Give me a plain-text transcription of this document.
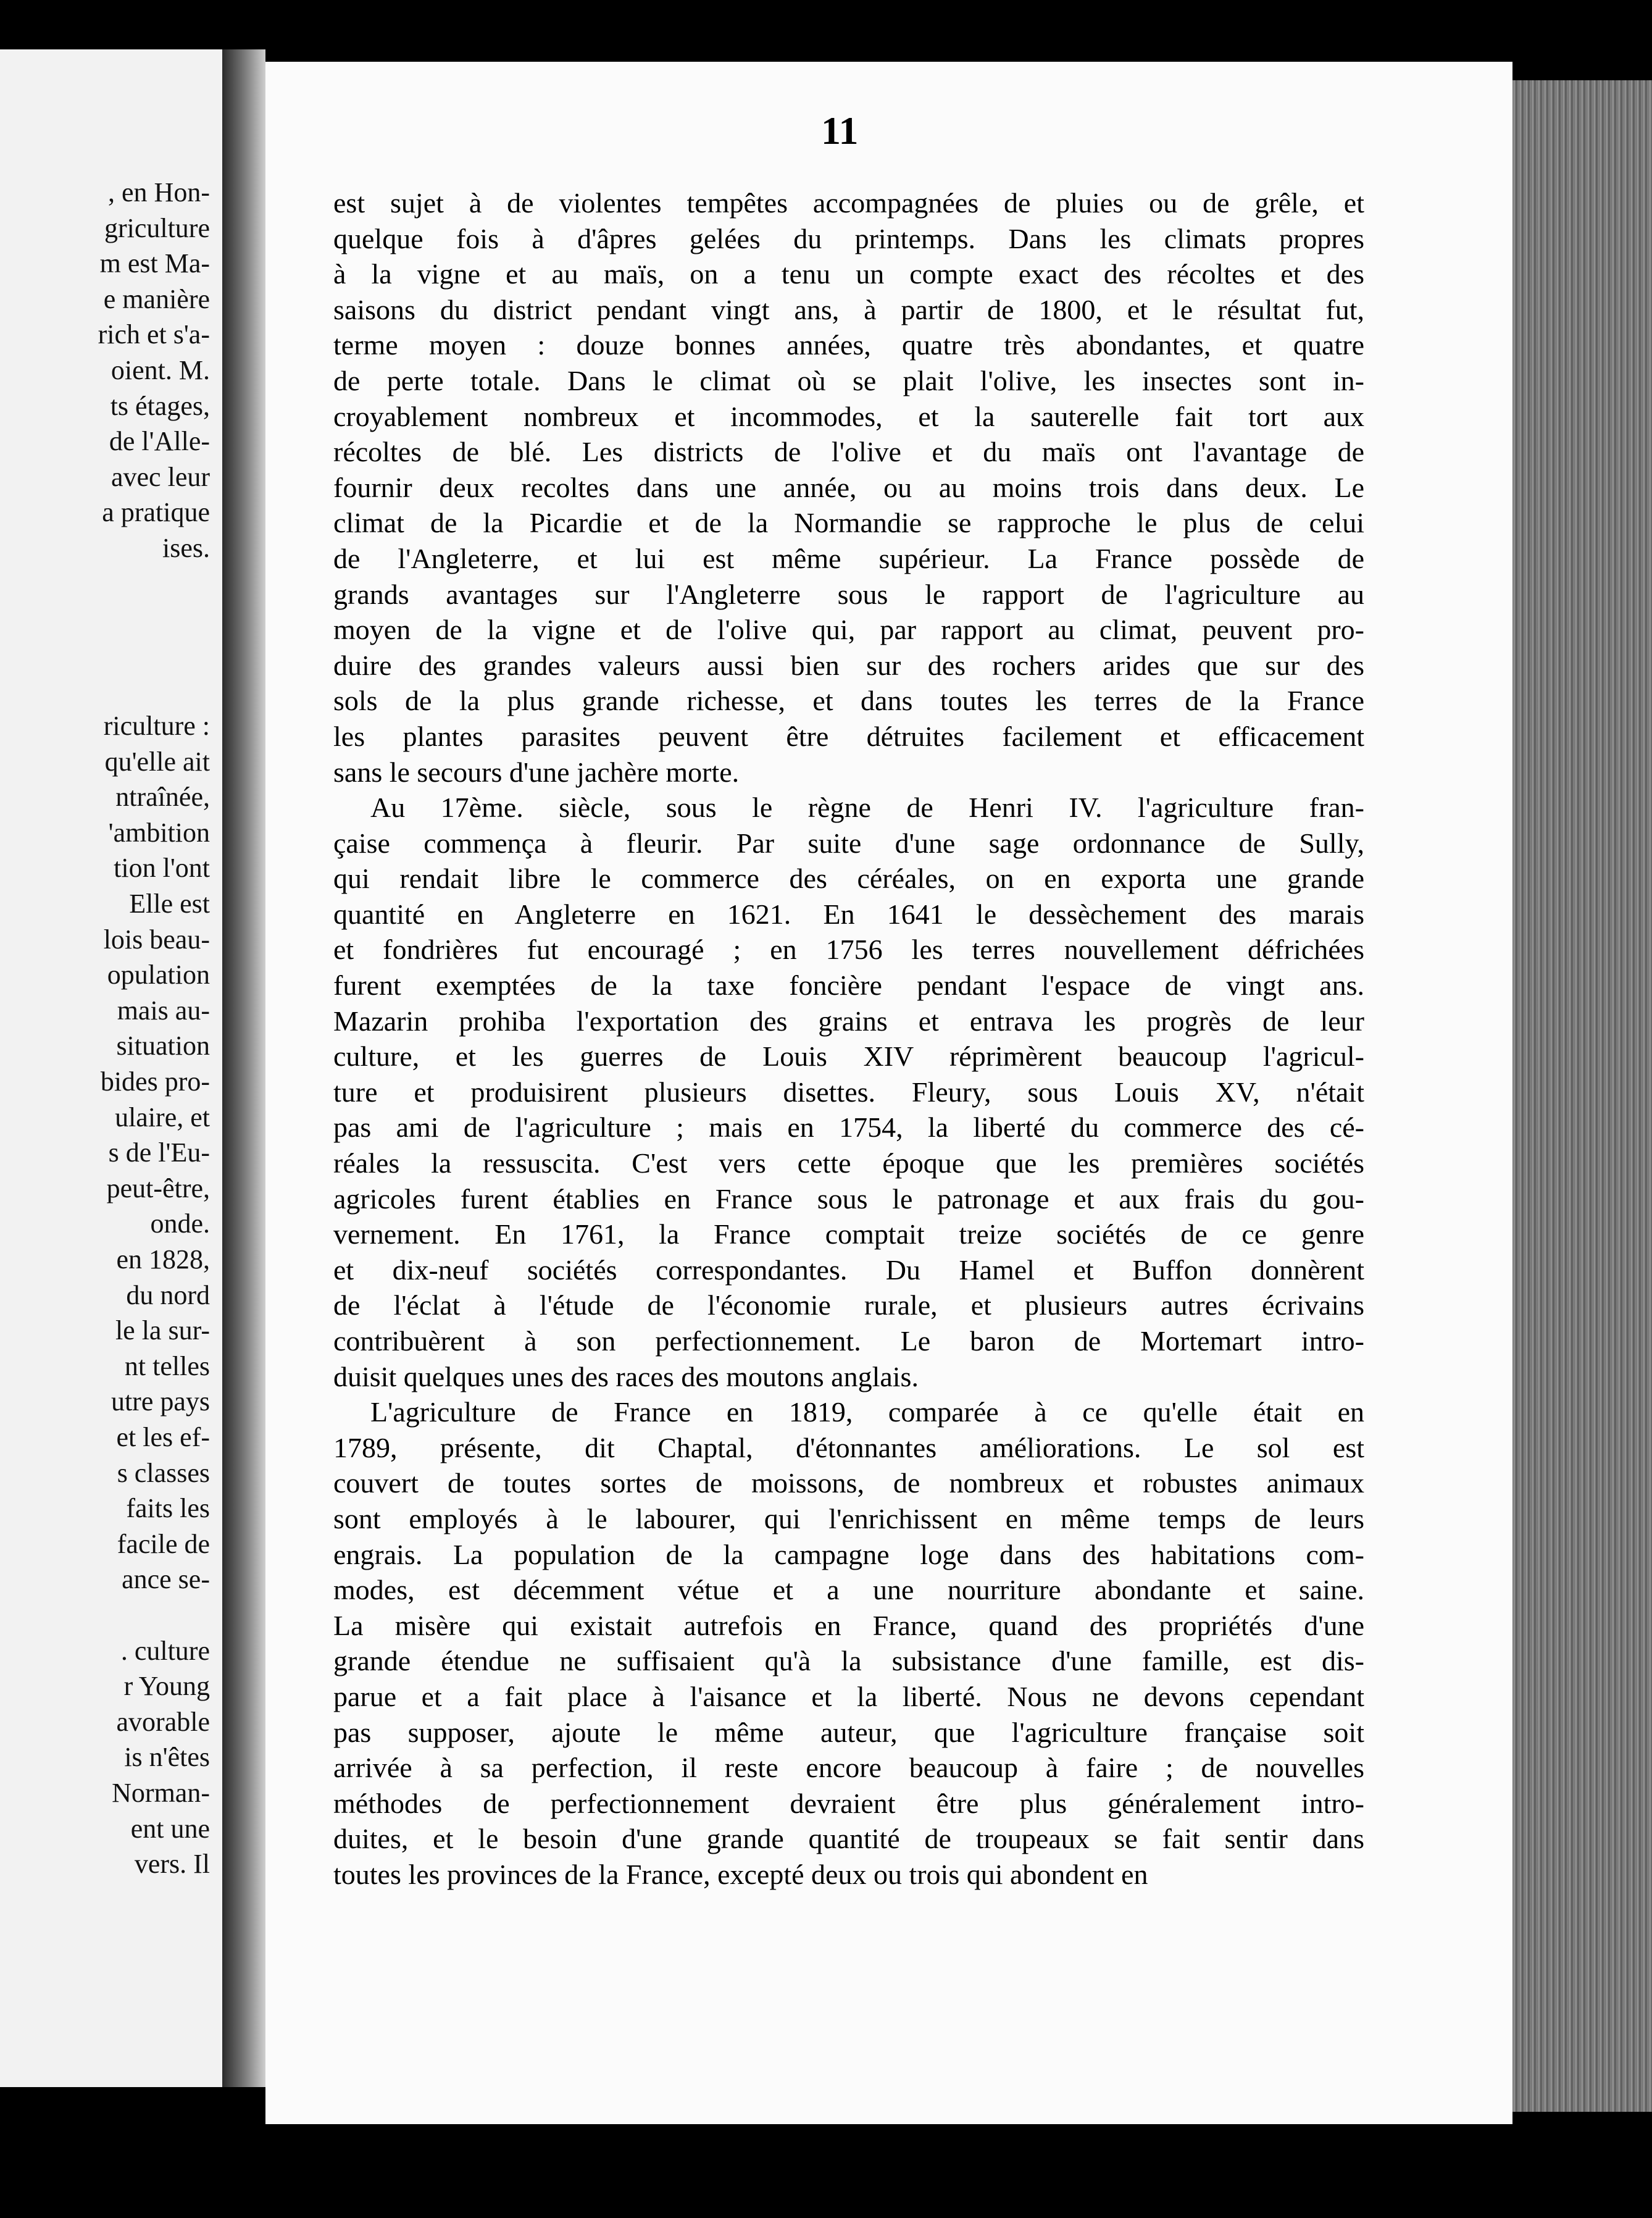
, en Hon-
griculture
m est Ma-
e manière
rich et s'a-
oient. M.
ts étages,
de l'Alle-
avec leur
a pratique
ises.
riculture :
qu'elle ait
ntraînée,
'ambition
tion l'ont
Elle est
lois beau-
opulation
mais au-
situation
bides pro-
ulaire, et
s de l'Eu-
peut-être,
onde.
en 1828,
du nord
le la sur-
nt telles
utre pays
et les ef-
s classes
faits les
facile de
ance se-
. culture
r Young
avorable
is n'êtes
Norman-
ent une
vers. Il
11
est sujet à de violentes tempêtes accompagnées de pluies ou de grêle, et
quelque fois à d'âpres gelées du printemps. Dans les climats propres
à la vigne et au maïs, on a tenu un compte exact des récoltes et des
saisons du district pendant vingt ans, à partir de 1800, et le résultat fut,
terme moyen : douze bonnes années, quatre très abondantes, et quatre
de perte totale. Dans le climat où se plait l'olive, les insectes sont in-
croyablement nombreux et incommodes, et la sauterelle fait tort aux
récoltes de blé. Les districts de l'olive et du maïs ont l'avantage de
fournir deux recoltes dans une année, ou au moins trois dans deux. Le
climat de la Picardie et de la Normandie se rapproche le plus de celui
de l'Angleterre, et lui est même supérieur. La France possède de
grands avantages sur l'Angleterre sous le rapport de l'agriculture au
moyen de la vigne et de l'olive qui, par rapport au climat, peuvent pro-
duire des grandes valeurs aussi bien sur des rochers arides que sur des
sols de la plus grande richesse, et dans toutes les terres de la France
les plantes parasites peuvent être détruites facilement et efficacement
sans le secours d'une jachère morte.
Au 17ème. siècle, sous le règne de Henri IV. l'agriculture fran-
çaise commença à fleurir. Par suite d'une sage ordonnance de Sully,
qui rendait libre le commerce des céréales, on en exporta une grande
quantité en Angleterre en 1621. En 1641 le dessèchement des marais
et fondrières fut encouragé ; en 1756 les terres nouvellement défrichées
furent exemptées de la taxe foncière pendant l'espace de vingt ans.
Mazarin prohiba l'exportation des grains et entrava les progrès de leur
culture, et les guerres de Louis XIV réprimèrent beaucoup l'agricul-
ture et produisirent plusieurs disettes. Fleury, sous Louis XV, n'était
pas ami de l'agriculture ; mais en 1754, la liberté du commerce des cé-
réales la ressuscita. C'est vers cette époque que les premières sociétés
agricoles furent établies en France sous le patronage et aux frais du gou-
vernement. En 1761, la France comptait treize sociétés de ce genre
et dix-neuf sociétés correspondantes. Du Hamel et Buffon donnèrent
de l'éclat à l'étude de l'économie rurale, et plusieurs autres écrivains
contribuèrent à son perfectionnement. Le baron de Mortemart intro-
duisit quelques unes des races des moutons anglais.
L'agriculture de France en 1819, comparée à ce qu'elle était en
1789, présente, dit Chaptal, d'étonnantes améliorations. Le sol est
couvert de toutes sortes de moissons, de nombreux et robustes animaux
sont employés à le labourer, qui l'enrichissent en même temps de leurs
engrais. La population de la campagne loge dans des habitations com-
modes, est décemment vétue et a une nourriture abondante et saine.
La misère qui existait autrefois en France, quand des propriétés d'une
grande étendue ne suffisaient qu'à la subsistance d'une famille, est dis-
parue et a fait place à l'aisance et la liberté. Nous ne devons cependant
pas supposer, ajoute le même auteur, que l'agriculture française soit
arrivée à sa perfection, il reste encore beaucoup à faire ; de nouvelles
méthodes de perfectionnement devraient être plus généralement intro-
duites, et le besoin d'une grande quantité de troupeaux se fait sentir dans
toutes les provinces de la France, excepté deux ou trois qui abondent en
